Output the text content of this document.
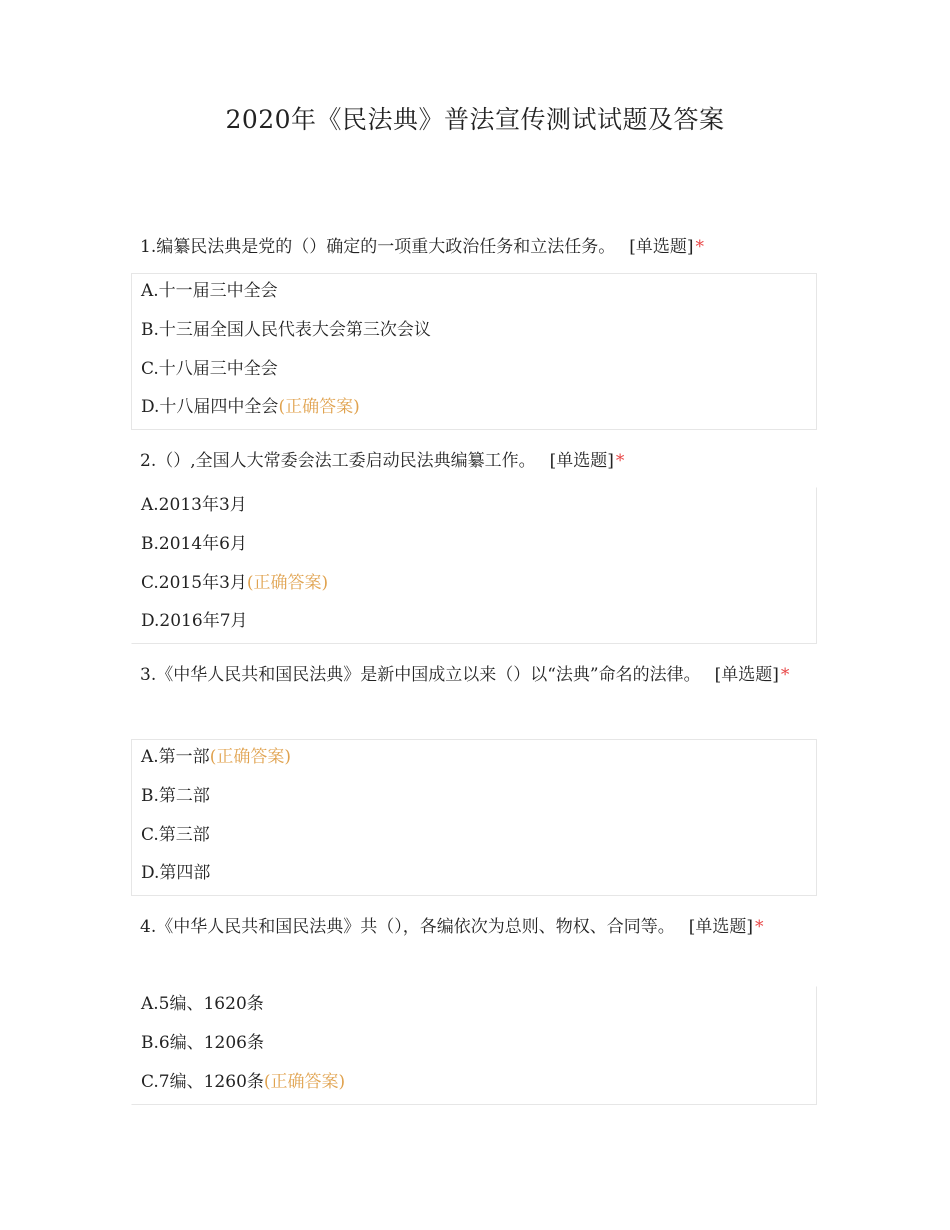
2020年《民法典》普法宣传测试试题及答案
1.编纂民法典是党的（）确定的一项重大政治任务和立法任务。 [单选题] *
A.十一届三中全会
B.十三届全国人民代表大会第三次会议
C.十八届三中全会
D.十八届四中全会(正确答案)
2.（）,全国人大常委会法工委启动民法典编纂工作。 [单选题] *
A.2013年3月
B.2014年6月
C.2015年3月(正确答案)
D.2016年7月
3.《中华人民共和国民法典》是新中国成立以来（）以“法典”命名的法律。 [单选题] *
A.第一部(正确答案)
B.第二部
C.第三部
D.第四部
4.《中华人民共和国民法典》共（），各编依次为总则、物权、合同等。 [单选题] *
A.5编、1620条
B.6编、1206条
C.7编、1260条(正确答案)
